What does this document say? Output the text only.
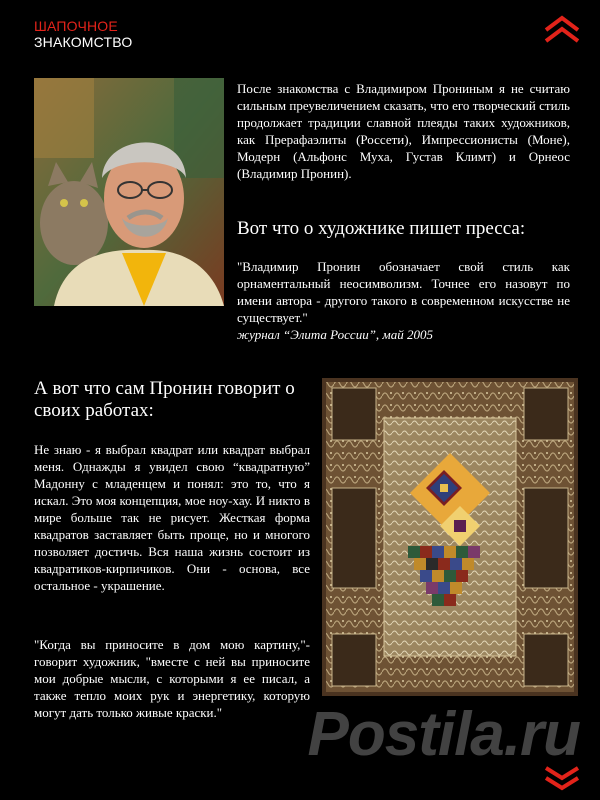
ШАПОЧНОЕ
ЗНАКОМСТВО

После знакомства с Владимиром Прониным я не считаю сильным преувеличением сказать, что его творческий стиль продолжает традиции славной плеяды таких художников, как Прерафаэлиты (Россети), Импрессионисты (Моне), Модерн (Альфонс Муха, Густав Климт) и Орнеос (Владимир Пронин).

Вот что о художнике пишет пресса:

"Владимир Пронин обозначает свой стиль как орнаментальный неосимволизм. Точнее его назовут по имени автора - другого такого в современном искусстве не существует."

журнал “Элита России”, май 2005

А вот что сам Пронин говорит о своих работах:

Не знаю - я выбрал квадрат или квадрат выбрал меня. Однажды я увидел свою “квадратную” Мадонну с младенцем и понял: это то, что я искал. Это моя концепция, мое ноу-хау. И никто в мире больше так не рисует. Жесткая форма квадратов заставляет быть проще, но и многого позволяет достичь. Вся наша жизнь состоит из квадратиков-кирпичиков. Они - основа, все остальное - украшение.

"Когда вы приносите в дом мою картину,"- говорит художник, "вместе с ней вы приносите мои добрые мысли, с которыми я ее писал, а также тепло моих рук и энергетику, которую могут дать только живые краски."	Postila.ru
